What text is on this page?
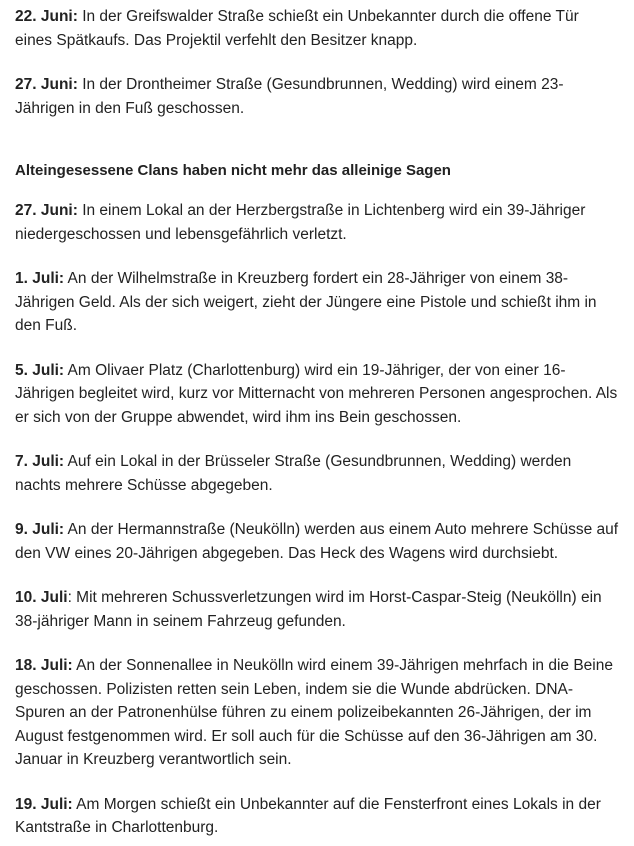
22. Juni: In der Greifswalder Straße schießt ein Unbekannter durch die offene Tür eines Spätkaufs. Das Projektil verfehlt den Besitzer knapp.

27. Juni: In der Drontheimer Straße (Gesundbrunnen, Wedding) wird einem 23-Jährigen in den Fuß geschossen.

Alteingesessene Clans haben nicht mehr das alleinige Sagen

27. Juni: In einem Lokal an der Herzbergstraße in Lichtenberg wird ein 39-Jähriger niedergeschossen und lebensgefährlich verletzt.

1. Juli: An der Wilhelmstraße in Kreuzberg fordert ein 28-Jähriger von einem 38-Jährigen Geld. Als der sich weigert, zieht der Jüngere eine Pistole und schießt ihm in den Fuß.

5. Juli: Am Olivaer Platz (Charlottenburg) wird ein 19-Jähriger, der von einer 16-Jährigen begleitet wird, kurz vor Mitternacht von mehreren Personen angesprochen. Als er sich von der Gruppe abwendet, wird ihm ins Bein geschossen.

7. Juli: Auf ein Lokal in der Brüsseler Straße (Gesundbrunnen, Wedding) werden nachts mehrere Schüsse abgegeben.

9. Juli: An der Hermannstraße (Neukölln) werden aus einem Auto mehrere Schüsse auf den VW eines 20-Jährigen abgegeben. Das Heck des Wagens wird durchsiebt.

10. Juli: Mit mehreren Schussverletzungen wird im Horst-Caspar-Steig (Neukölln) ein 38-jähriger Mann in seinem Fahrzeug gefunden.

18. Juli: An der Sonnenallee in Neukölln wird einem 39-Jährigen mehrfach in die Beine geschossen. Polizisten retten sein Leben, indem sie die Wunde abdrücken. DNA-Spuren an der Patronenhülse führen zu einem polizeibekannten 26-Jährigen, der im August festgenommen wird. Er soll auch für die Schüsse auf den 36-Jährigen am 30. Januar in Kreuzberg verantwortlich sein.

19. Juli: Am Morgen schießt ein Unbekannter auf die Fensterfront eines Lokals in der Kantstraße in Charlottenburg.
